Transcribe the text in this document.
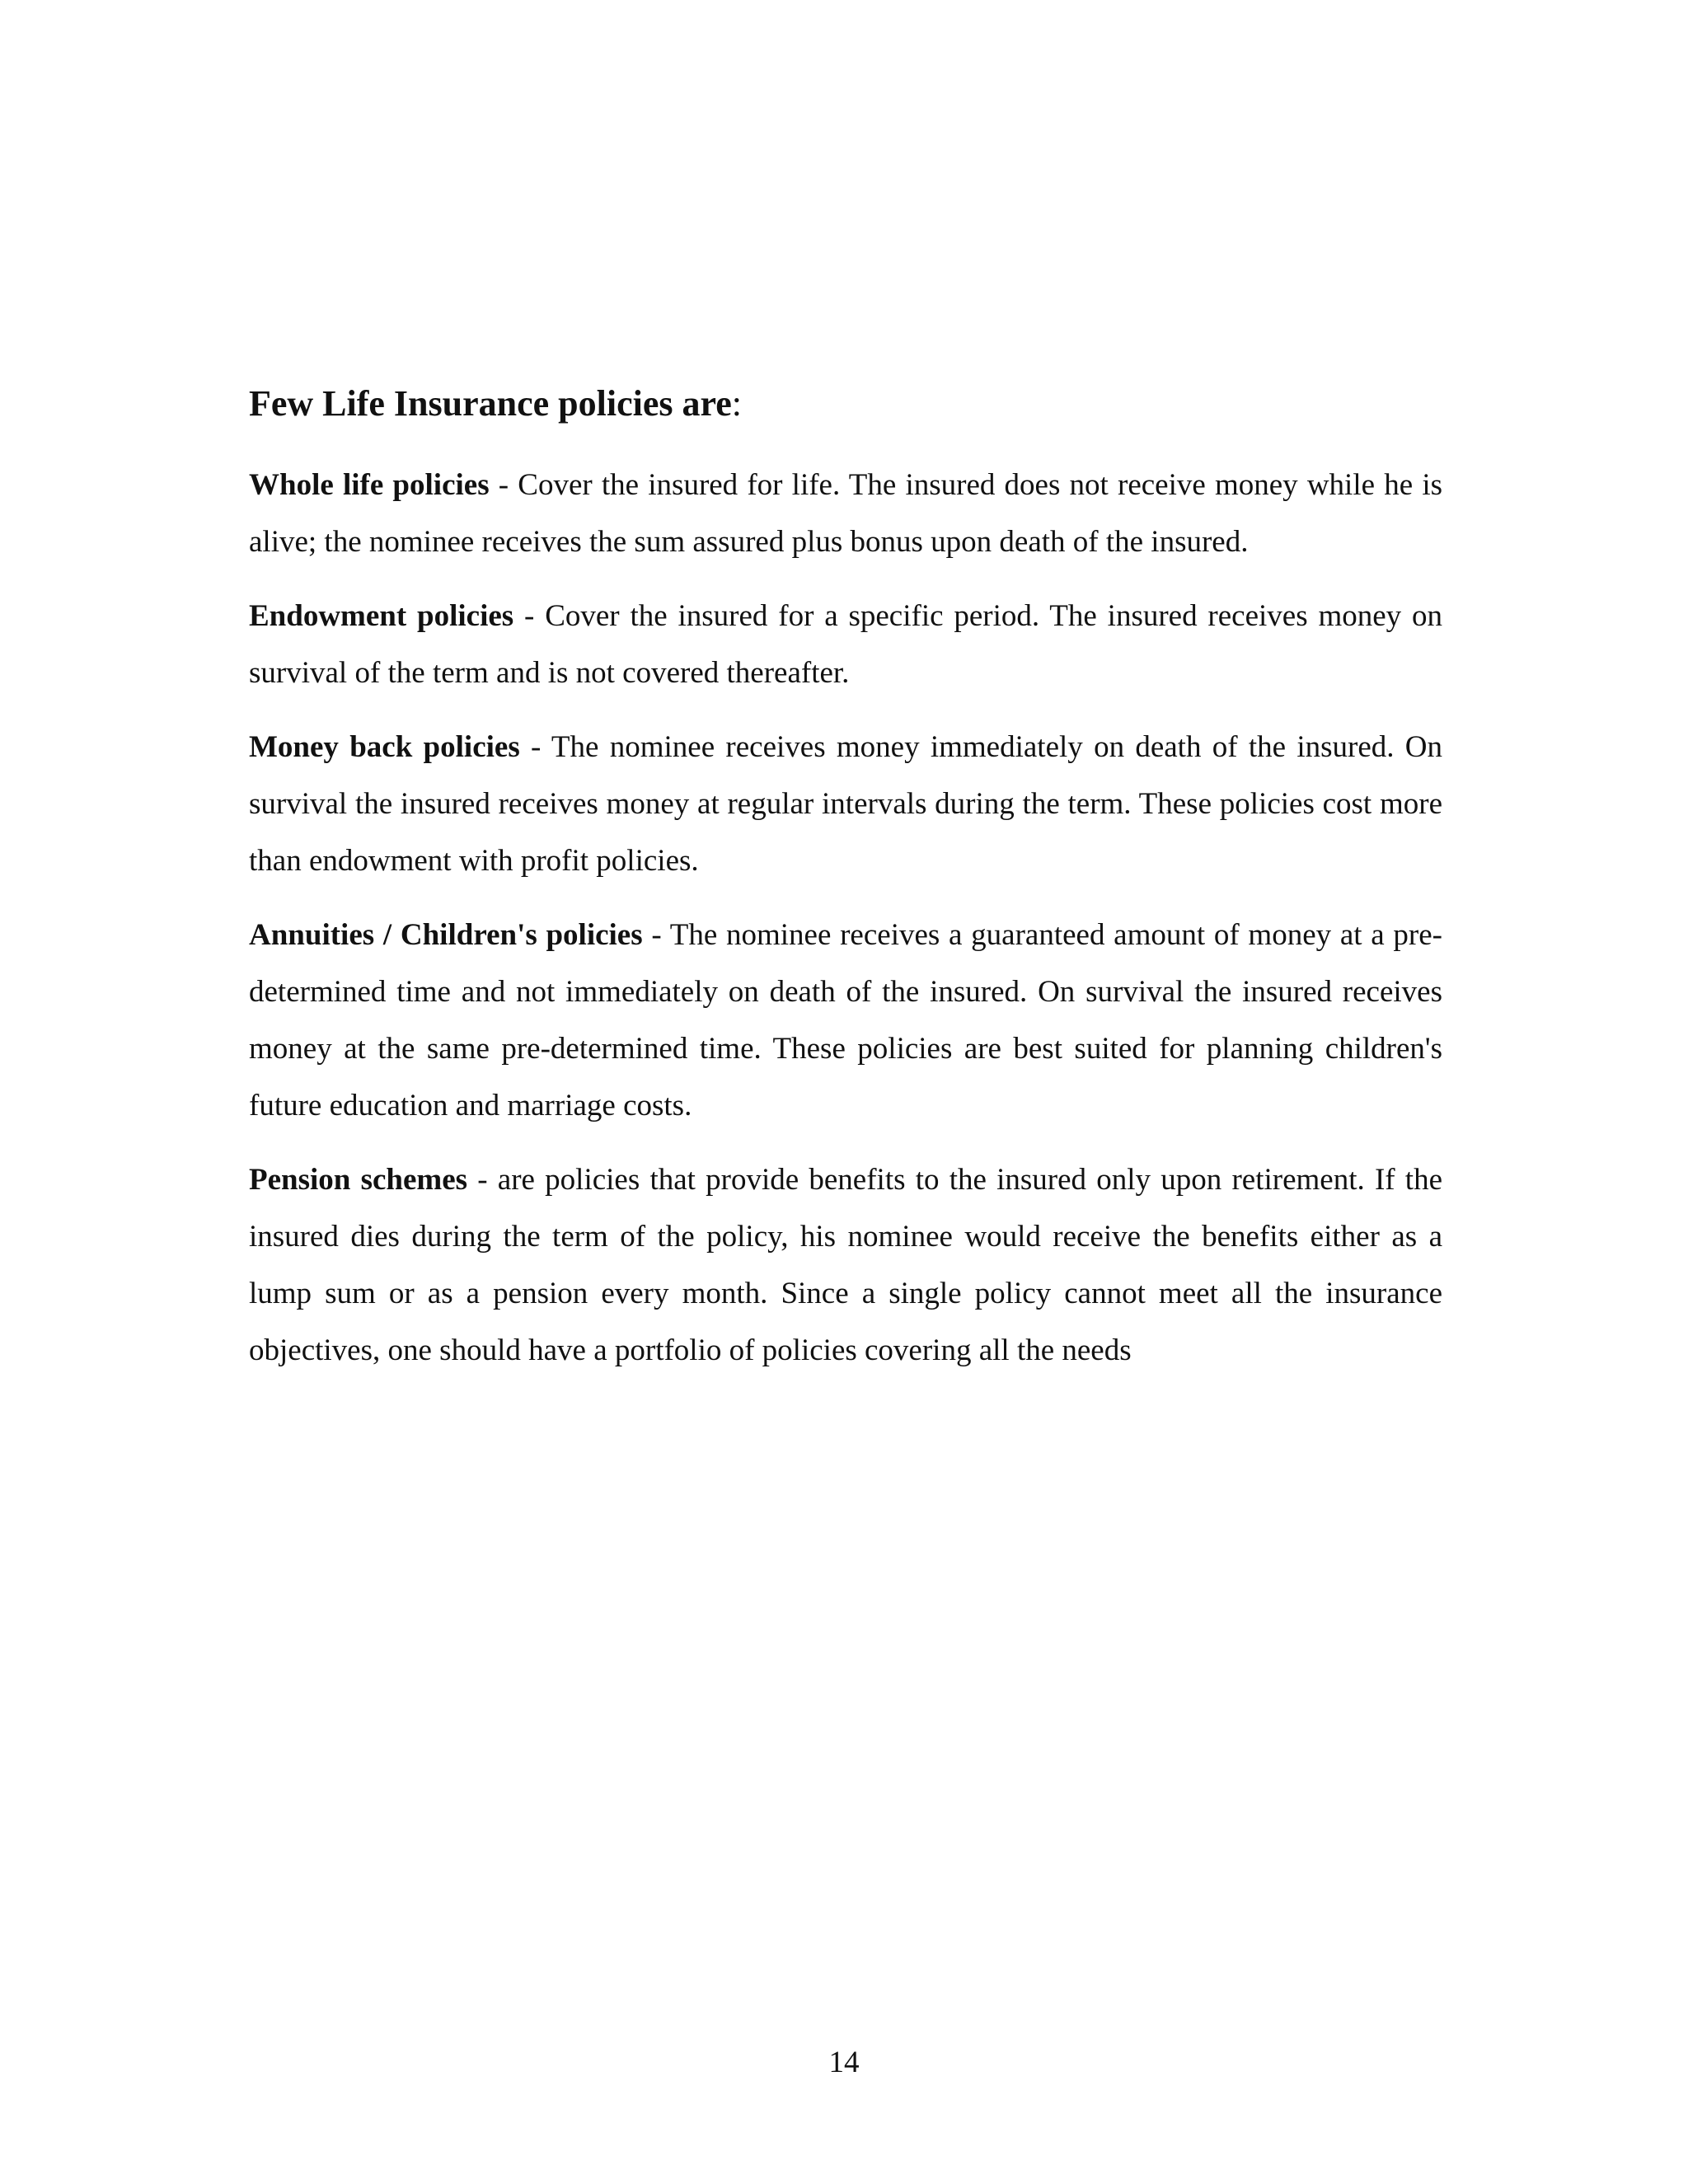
Few Life Insurance policies are:

Whole life policies - Cover the insured for life. The insured does not receive money while he is alive; the nominee receives the sum assured plus bonus upon death of the insured.

Endowment policies - Cover the insured for a specific period. The insured receives money on survival of the term and is not covered thereafter.

Money back policies - The nominee receives money immediately on death of the insured. On survival the insured receives money at regular intervals during the term. These policies cost more than endowment with profit policies.

Annuities / Children's policies - The nominee receives a guaranteed amount of money at a pre-determined time and not immediately on death of the insured. On survival the insured receives money at the same pre-determined time. These policies are best suited for planning children's future education and marriage costs.

Pension schemes - are policies that provide benefits to the insured only upon retirement. If the insured dies during the term of the policy, his nominee would receive the benefits either as a lump sum or as a pension every month. Since a single policy cannot meet all the insurance objectives, one should have a portfolio of policies covering all the needs

14
